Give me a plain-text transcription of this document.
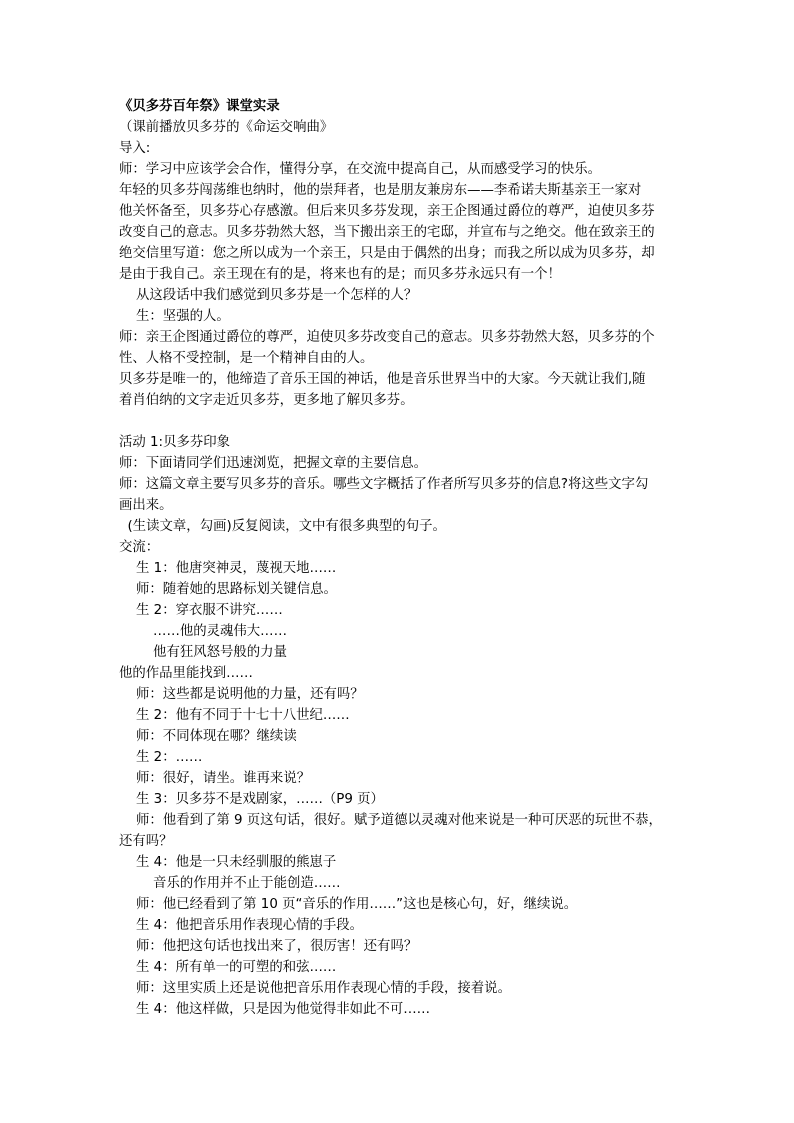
《贝多芬百年祭》课堂实录
（课前播放贝多芬的《命运交响曲》
导入:
师：学习中应该学会合作，懂得分享，在交流中提高自己，从而感受学习的快乐。
年轻的贝多芬闯荡维也纳时，他的崇拜者，也是朋友兼房东——李希诺夫斯基亲王一家对
他关怀备至，贝多芬心存感激。但后来贝多芬发现，亲王企图通过爵位的尊严，迫使贝多芬
改变自己的意志。贝多芬勃然大怒，当下搬出亲王的宅邸，并宣布与之绝交。他在致亲王的
绝交信里写道：您之所以成为一个亲王，只是由于偶然的出身；而我之所以成为贝多芬，却
是由于我自己。亲王现在有的是，将来也有的是；而贝多芬永远只有一个！
从这段话中我们感觉到贝多芬是一个怎样的人？
生：坚强的人。
师：亲王企图通过爵位的尊严，迫使贝多芬改变自己的意志。贝多芬勃然大怒，贝多芬的个
性、人格不受控制，是一个精神自由的人。
贝多芬是唯一的，他缔造了音乐王国的神话，他是音乐世界当中的大家。今天就让我们,随
着肖伯纳的文字走近贝多芬，更多地了解贝多芬。
活动 1:贝多芬印象
师：下面请同学们迅速浏览，把握文章的主要信息。
师：这篇文章主要写贝多芬的音乐。哪些文字概括了作者所写贝多芬的信息?将这些文字勾
画出来。
(生读文章，勾画)反复阅读，文中有很多典型的句子。
交流：
生 1：他唐突神灵，蔑视天地……
师：随着她的思路标划关键信息。
生 2：穿衣服不讲究……
……他的灵魂伟大……
他有狂风怒号般的力量
他的作品里能找到……
师：这些都是说明他的力量，还有吗？
生 2：他有不同于十七十八世纪……
师：不同体现在哪？继续读
生 2：……
师：很好，请坐。谁再来说？
生 3：贝多芬不是戏剧家，……（P9 页）
师：他看到了第 9 页这句话，很好。赋予道德以灵魂对他来说是一种可厌恶的玩世不恭，
还有吗？
生 4：他是一只未经驯服的熊崽子
音乐的作用并不止于能创造……
师：他已经看到了第 10 页“音乐的作用……”这也是核心句，好，继续说。
生 4：他把音乐用作表现心情的手段。
师：他把这句话也找出来了，很厉害！还有吗？
生 4：所有单一的可塑的和弦……
师：这里实质上还是说他把音乐用作表现心情的手段，接着说。
生 4：他这样做，只是因为他觉得非如此不可……
